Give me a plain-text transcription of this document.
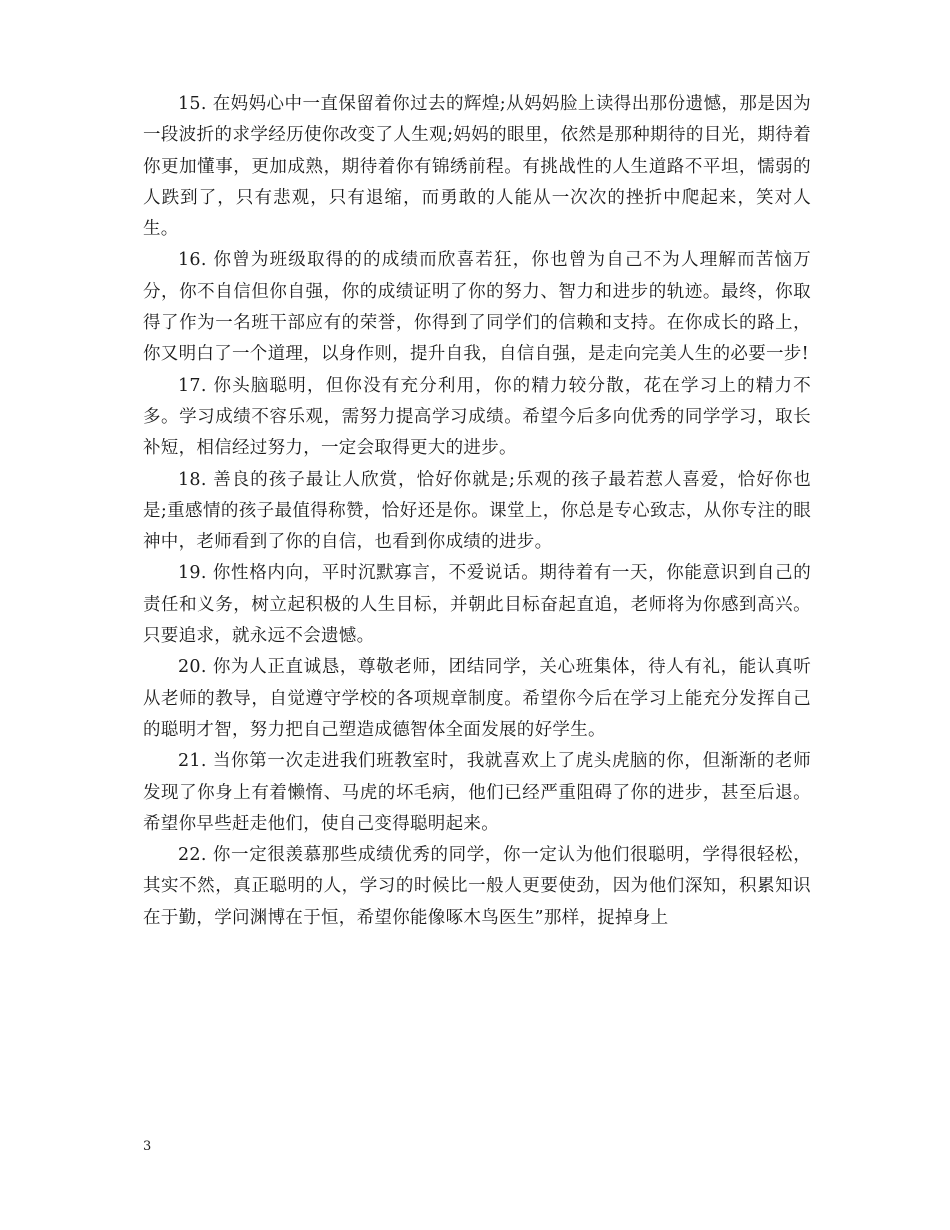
15. 在妈妈心中一直保留着你过去的辉煌;从妈妈脸上读得出那份遗憾，那是因为一段波折的求学经历使你改变了人生观;妈妈的眼里，依然是那种期待的目光，期待着你更加懂事，更加成熟，期待着你有锦绣前程。有挑战性的人生道路不平坦，懦弱的人跌到了，只有悲观，只有退缩，而勇敢的人能从一次次的挫折中爬起来，笑对人生。

16. 你曾为班级取得的的成绩而欣喜若狂，你也曾为自己不为人理解而苦恼万分，你不自信但你自强，你的成绩证明了你的努力、智力和进步的轨迹。最终，你取得了作为一名班干部应有的荣誉，你得到了同学们的信赖和支持。在你成长的路上，你又明白了一个道理，以身作则，提升自我，自信自强，是走向完美人生的必要一步!

17. 你头脑聪明，但你没有充分利用，你的精力较分散，花在学习上的精力不多。学习成绩不容乐观，需努力提高学习成绩。希望今后多向优秀的同学学习，取长补短，相信经过努力，一定会取得更大的进步。

18. 善良的孩子最让人欣赏，恰好你就是;乐观的孩子最若惹人喜爱，恰好你也是;重感情的孩子最值得称赞，恰好还是你。课堂上，你总是专心致志，从你专注的眼神中，老师看到了你的自信，也看到你成绩的进步。

19. 你性格内向，平时沉默寡言，不爱说话。期待着有一天，你能意识到自己的责任和义务，树立起积极的人生目标，并朝此目标奋起直追，老师将为你感到高兴。只要追求，就永远不会遗憾。

20. 你为人正直诚恳，尊敬老师，团结同学，关心班集体，待人有礼，能认真听从老师的教导，自觉遵守学校的各项规章制度。希望你今后在学习上能充分发挥自己的聪明才智，努力把自己塑造成德智体全面发展的好学生。

21. 当你第一次走进我们班教室时，我就喜欢上了虎头虎脑的你，但渐渐的老师发现了你身上有着懒惰、马虎的坏毛病，他们已经严重阻碍了你的进步，甚至后退。希望你早些赶走他们，使自己变得聪明起来。

22. 你一定很羡慕那些成绩优秀的同学，你一定认为他们很聪明，学得很轻松，其实不然，真正聪明的人，学习的时候比一般人更要使劲，因为他们深知，积累知识在于勤，学问渊博在于恒，希望你能像啄木鸟医生”那样，捉掉身上

3
